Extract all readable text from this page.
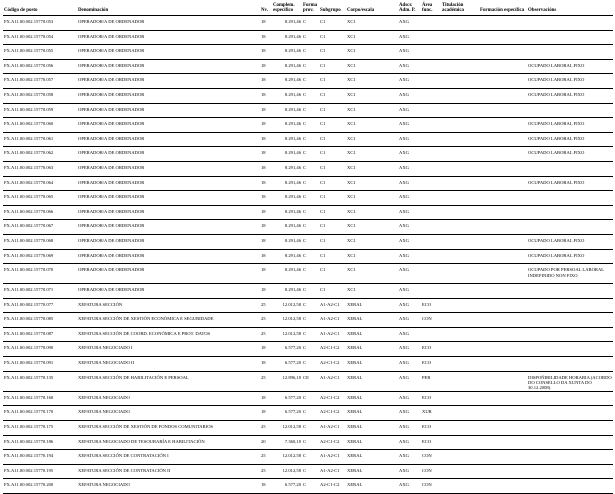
Código de posto	Denominación	Nv.	Complem. específico	Forma prov.	Subgrupo	Corpo/escala	Adscr. Adm. P.	Área func.	Titulación académica	Formación específica	Observacións
FX.A11.00.002.15770.053	OPERADOR/A DE ORDENADOR	18	8.291,46	C	C1	XC1	AXG				
FX.A11.00.002.15770.054	OPERADOR/A DE ORDENADOR	18	8.291,46	C	C1	XC1	AXG				
FX.A11.00.002.15770.055	OPERADOR/A DE ORDENADOR	18	8.291,46	C	C1	XC1	AXG				
FX.A11.00.002.15770.056	OPERADOR/A DE ORDENADOR	18	8.291,46	C	C1	XC1	AXG				OCUPADO LABORAL FIXO
FX.A11.00.002.15770.057	OPERADOR/A DE ORDENADOR	18	8.291,46	C	C1	XC1	AXG				OCUPADO LABORAL FIXO
FX.A11.00.002.15770.058	OPERADOR/A DE ORDENADOR	18	8.291,46	C	C1	XC1	AXG				OCUPADO LABORAL FIXO
FX.A11.00.002.15770.059	OPERADOR/A DE ORDENADOR	18	8.291,46	C	C1	XC1	AXG				
FX.A11.00.002.15770.060	OPERADOR/A DE ORDENADOR	18	8.291,46	C	C1	XC1	AXG				OCUPADO LABORAL FIXO
FX.A11.00.002.15770.061	OPERADOR/A DE ORDENADOR	18	8.291,46	C	C1	XC1	AXG				OCUPADO LABORAL FIXO
FX.A11.00.002.15770.062	OPERADOR/A DE ORDENADOR	18	8.291,46	C	C1	XC1	AXG				OCUPADO LABORAL FIXO
FX.A11.00.002.15770.063	OPERADOR/A DE ORDENADOR	18	8.291,46	C	C1	XC1	AXG				
FX.A11.00.002.15770.064	OPERADOR/A DE ORDENADOR	18	8.291,46	C	C1	XC1	AXG				OCUPADO LABORAL FIXO
FX.A11.00.002.15770.065	OPERADOR/A DE ORDENADOR	18	8.291,46	C	C1	XC1	AXG				
FX.A11.00.002.15770.066	OPERADOR/A DE ORDENADOR	18	8.291,46	C	C1	XC1	AXG				
FX.A11.00.002.15770.067	OPERADOR/A DE ORDENADOR	18	8.291,46	C	C1	XC1	AXG				
FX.A11.00.002.15770.068	OPERADOR/A DE ORDENADOR	18	8.291,46	C	C1	XC1	AXG				OCUPADO LABORAL FIXO
FX.A11.00.002.15770.069	OPERADOR/A DE ORDENADOR	18	8.291,46	C	C1	XC1	AXG				OCUPADO LABORAL FIXO
FX.A11.00.002.15770.070	OPERADOR/A DE ORDENADOR	18	8.291,46	C	C1	XC1	AXG				OCUPADO POR PERSOAL LABORAL INDEFINIDO NON FIXO
FX.A11.00.002.15770.071	OPERADOR/A DE ORDENADOR	18	8.291,46	C	C1	XC1	AXG				
FX.A11.00.002.15770.077	XEFATURA SECCIÓN	25	12.012,58	C	A1-A2-C1	XERAL	AXG	ECO			
FX.A11.00.002.15770.085	XEFATURA SECCIÓN DE XESTIÓN ECONÓMICA E SEGURIDADE	25	12.012,58	C	A1-A2-C1	XERAL	AXG	CON			
FX.A11.00.002.15770.087	XEFATURA SECCIÓN DE COORD. ECONÓMICA E PROT. DATOS	25	12.012,58	C	A1-A2-C1	XERAL	AXG				
FX.A11.00.002.15770.090	XEFATURA NEGOCIADO I	18	6.577,20	C	A2-C1-C2	XERAL	AXG	ECO			
FX.A11.00.002.15770.091	XEFATURA NEGOCIADO II	18	6.577,20	C	A2-C1-C2	XERAL	AXG	ECO			
FX.A11.00.002.15770.135	XEFATURA SECCIÓN DE HABILITACIÓN E PERSOAL	25	12.896,10	CE	A1-A2-C1	XERAL	AXG	PER			DISPOÑIBILIDADE HORARIA (ACORDO DO CONSELLO DA XUNTA DO 30.12.2008).
FX.A11.00.002.15770.160	XEFATURA NEGOCIADO	18	6.577,20	C	A2-C1-C2	XERAL	AXG	ECO			
FX.A11.00.002.15770.170	XEFATURA NEGOCIADO	18	6.577,20	C	A2-C1-C2	XERAL	AXG	XUR			
FX.A11.00.002.15770.175	XEFATURA SECCIÓN DE XESTIÓN DE FONDOS COMUNITARIOS	25	12.012,58	C	A1-A2-C1	XERAL	AXG	ECO			
FX.A11.00.002.15770.186	XEFATURA NEGOCIADO DE TESOURARÍA E HABILITACIÓN	20	7.360,10	C	A2-C1-C2	XERAL	AXG	ECO			
FX.A11.00.002.15770.194	XEFATURA SECCIÓN DE CONTRATACIÓN I	25	12.012,58	C	A1-A2-C1	XERAL	AXG	CON			
FX.A11.00.002.15770.195	XEFATURA SECCIÓN DE CONTRATACIÓN II	25	12.012,58	C	A1-A2-C1	XERAL	AXG	CON			
FX.A11.00.002.15770.200	XEFATURA NEGOCIADO	18	6.577,20	C	A2-C1-C2	XERAL	AXG	CON			
